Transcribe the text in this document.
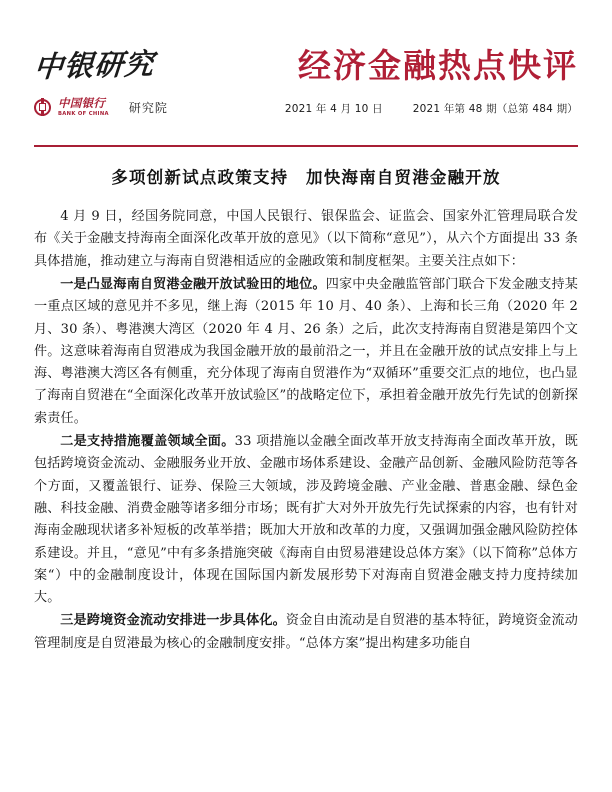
中银研究
中国银行
BANK OF CHINA 研究院
经济金融热点快评
2021 年 4 月 10 日	2021 年第 48 期（总第 484 期）
多项创新试点政策支持　加快海南自贸港金融开放

4 月 9 日，经国务院同意，中国人民银行、银保监会、证监会、国家外汇管理局联合发布《关于金融支持海南全面深化改革开放的意见》（以下简称“意见”），从六个方面提出 33 条具体措施，推动建立与海南自贸港相适应的金融政策和制度框架。主要关注点如下：

一是凸显海南自贸港金融开放试验田的地位。四家中央金融监管部门联合下发金融支持某一重点区域的意见并不多见，继上海（2015 年 10 月、40 条）、上海和长三角（2020 年 2 月、30 条）、粤港澳大湾区（2020 年 4 月、26 条）之后，此次支持海南自贸港是第四个文件。这意味着海南自贸港成为我国金融开放的最前沿之一，并且在金融开放的试点安排上与上海、粤港澳大湾区各有侧重，充分体现了海南自贸港作为“双循环”重要交汇点的地位，也凸显了海南自贸港在“全面深化改革开放试验区”的战略定位下，承担着金融开放先行先试的创新探索责任。

二是支持措施覆盖领域全面。33 项措施以金融全面改革开放支持海南全面改革开放，既包括跨境资金流动、金融服务业开放、金融市场体系建设、金融产品创新、金融风险防范等各个方面，又覆盖银行、证券、保险三大领域，涉及跨境金融、产业金融、普惠金融、绿色金融、科技金融、消费金融等诸多细分市场；既有扩大对外开放先行先试探索的内容，也有针对海南金融现状诸多补短板的改革举措；既加大开放和改革的力度，又强调加强金融风险防控体系建设。并且，“意见”中有多条措施突破《海南自由贸易港建设总体方案》（以下简称”总体方案“）中的金融制度设计，体现在国际国内新发展形势下对海南自贸港金融支持力度持续加大。

三是跨境资金流动安排进一步具体化。资金自由流动是自贸港的基本特征，跨境资金流动管理制度是自贸港最为核心的金融制度安排。“总体方案”提出构建多功能自
